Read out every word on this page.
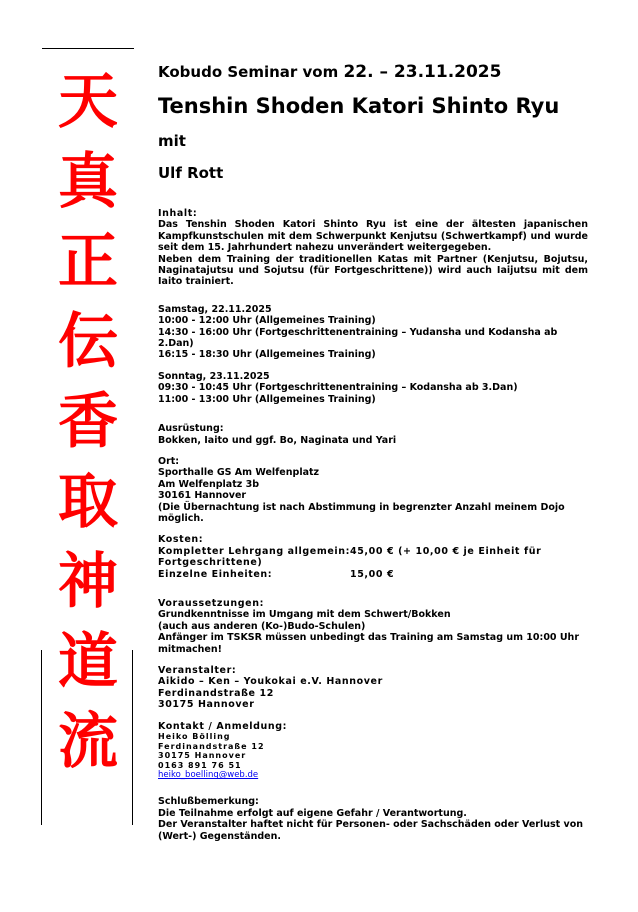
天
真
正
伝
香
取
神
道
流

Kobudo Seminar vom 22. – 23.11.2025

Tenshin Shoden Katori Shinto Ryu

mit

Ulf Rott

Inhalt:

Das Tenshin Shoden Katori Shinto Ryu ist eine der ältesten japanischen Kampfkunstschulen mit dem Schwerpunkt Kenjutsu (Schwertkampf) und wurde seit dem 15. Jahrhundert nahezu unverändert weitergegeben.

Neben dem Training der traditionellen Katas mit Partner (Kenjutsu, Bojutsu, Naginatajutsu und Sojutsu (für Fortgeschrittene)) wird auch Iaijutsu mit dem Iaito trainiert.

Samstag, 22.11.2025

10:00 - 12:00 Uhr (Allgemeines Training)

14:30 - 16:00 Uhr (Fortgeschrittenentraining – Yudansha und Kodansha ab 2.Dan)

16:15 - 18:30 Uhr (Allgemeines Training)

Sonntag, 23.11.2025

09:30 - 10:45 Uhr (Fortgeschrittenentraining – Kodansha ab 3.Dan)

11:00 - 13:00 Uhr (Allgemeines Training)

Ausrüstung:

Bokken, Iaito und ggf. Bo, Naginata und Yari

Ort:

Sporthalle GS Am Welfenplatz

Am Welfenplatz 3b

30161 Hannover

(Die Übernachtung ist nach Abstimmung in begrenzter Anzahl meinem Dojo möglich.

Kosten:

Kompletter Lehrgang allgemein: 45,00 € (+ 10,00 € je Einheit für

Fortgeschrittene)

Einzelne Einheiten:	15,00 €

Voraussetzungen:

Grundkenntnisse im Umgang mit dem Schwert/Bokken

(auch aus anderen (Ko-)Budo-Schulen)

Anfänger im TSKSR müssen unbedingt das Training am Samstag um 10:00 Uhr mitmachen!

Veranstalter:

Aikido – Ken – Youkokai e.V. Hannover

Ferdinandstraße 12

30175 Hannover

Kontakt / Anmeldung:

Heiko Bölling

Ferdinandstraße 12

30175 Hannover

0163 891 76 51

heiko_boelling@web.de

Schlußbemerkung:

Die Teilnahme erfolgt auf eigene Gefahr / Verantwortung.

Der Veranstalter haftet nicht für Personen- oder Sachschäden oder Verlust von (Wert-) Gegenständen.
